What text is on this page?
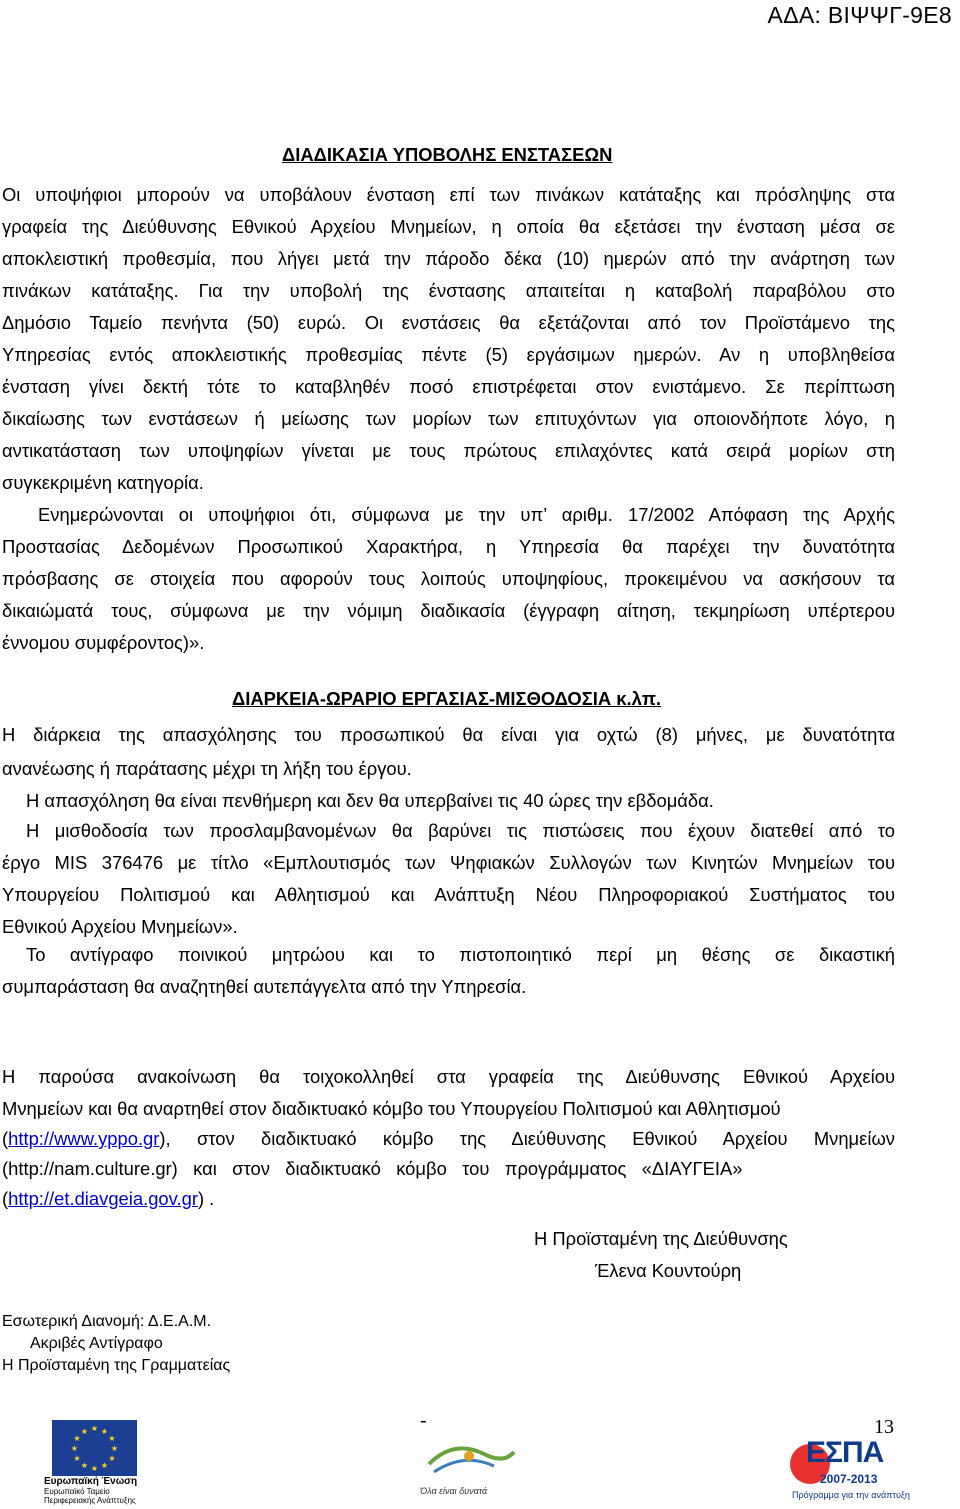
ΑΔΑ: ΒΙΨΨΓ-9Ε8
ΔΙΑΔΙΚΑΣΙΑ ΥΠΟΒΟΛΗΣ ΕΝΣΤΑΣΕΩΝ
Οι υποψήφιοι μπορούν να υποβάλουν ένσταση επί των πινάκων κατάταξης και πρόσληψης στα
γραφεία της Διεύθυνσης Εθνικού Αρχείου Μνημείων, η οποία θα εξετάσει την ένσταση μέσα σε
αποκλειστική προθεσμία, που λήγει μετά την πάροδο δέκα (10) ημερών από την ανάρτηση των
πινάκων κατάταξης. Για την υποβολή της ένστασης απαιτείται η καταβολή παραβόλου στο
Δημόσιο Ταμείο πενήντα (50) ευρώ. Οι ενστάσεις θα εξετάζονται από τον Προϊστάμενο της
Υπηρεσίας εντός αποκλειστικής προθεσμίας πέντε (5) εργάσιμων ημερών. Αν η υποβληθείσα
ένσταση γίνει δεκτή τότε το καταβληθέν ποσό επιστρέφεται στον ενιστάμενο. Σε περίπτωση
δικαίωσης των ενστάσεων ή μείωσης των μορίων των επιτυχόντων για οποιονδήποτε λόγο, η
αντικατάσταση των υποψηφίων γίνεται με τους πρώτους επιλαχόντες κατά σειρά μορίων στη
συγκεκριμένη κατηγορία.
Ενημερώνονται οι υποψήφιοι ότι, σύμφωνα με την υπ’ αριθμ. 17/2002 Απόφαση της Αρχής
Προστασίας Δεδομένων Προσωπικού Χαρακτήρα, η Υπηρεσία θα παρέχει την δυνατότητα
πρόσβασης σε στοιχεία που αφορούν τους λοιπούς υποψηφίους, προκειμένου να ασκήσουν τα
δικαιώματά τους, σύμφωνα με την νόμιμη διαδικασία (έγγραφη αίτηση, τεκμηρίωση υπέρτερου
έννομου συμφέροντος)».
ΔΙΑΡΚΕΙΑ-ΩΡΑΡΙΟ ΕΡΓΑΣΙΑΣ-ΜΙΣΘΟΔΟΣΙΑ κ.λπ.
Η διάρκεια της απασχόλησης του προσωπικού θα είναι για οχτώ (8) μήνες, με δυνατότητα
ανανέωσης ή παράτασης μέχρι τη λήξη του έργου.
Η απασχόληση θα είναι πενθήμερη και δεν θα υπερβαίνει τις 40 ώρες την εβδομάδα.
Η μισθοδοσία των προσλαμβανομένων θα βαρύνει τις πιστώσεις που έχουν διατεθεί από το
έργο MIS 376476 με τίτλο «Εμπλουτισμός των Ψηφιακών Συλλογών των Κινητών Μνημείων του
Υπουργείου Πολιτισμού και Αθλητισμού και Ανάπτυξη Νέου Πληροφοριακού Συστήματος του
Εθνικού Αρχείου Μνημείων».
Το αντίγραφο ποινικού μητρώου και το πιστοποιητικό περί μη θέσης σε δικαστική
συμπαράσταση θα αναζητηθεί αυτεπάγγελτα από την Υπηρεσία.
Η παρούσα ανακοίνωση θα τοιχοκολληθεί στα γραφεία της Διεύθυνσης Εθνικού Αρχείου
Μνημείων και θα αναρτηθεί στον διαδικτυακό κόμβο του Υπουργείου Πολιτισμού και Αθλητισμού
( http://www.yppo.gr ), στον διαδικτυακό κόμβο της Διεύθυνσης Εθνικού Αρχείου Μνημείων
(http://nam.culture.gr)   και   στον   διαδικτυακό   κόμβο   του   προγράμματος   «ΔΙΑΥΓΕΙΑ»
(http://et.diavgeia.gov.gr) .
Η Προϊσταμένη της Διεύθυνσης
Έλενα Κουντούρη
Εσωτερική Διανομή: Δ.Ε.Α.Μ.
Ακριβές Αντίγραφο
Η Προϊσταμένη της Γραμματείας
-	13
★ ★
★
★
★
★
★
★
★
★
★
★
Ευρωπαϊκή Ένωση
Ευρωπαϊκό Ταμείο
Περιφερειακής Ανάπτυξης
Όλα είναι δυνατά
ΕΣΠΑ
2007-2013
Πρόγραμμα για την ανάπτυξη
